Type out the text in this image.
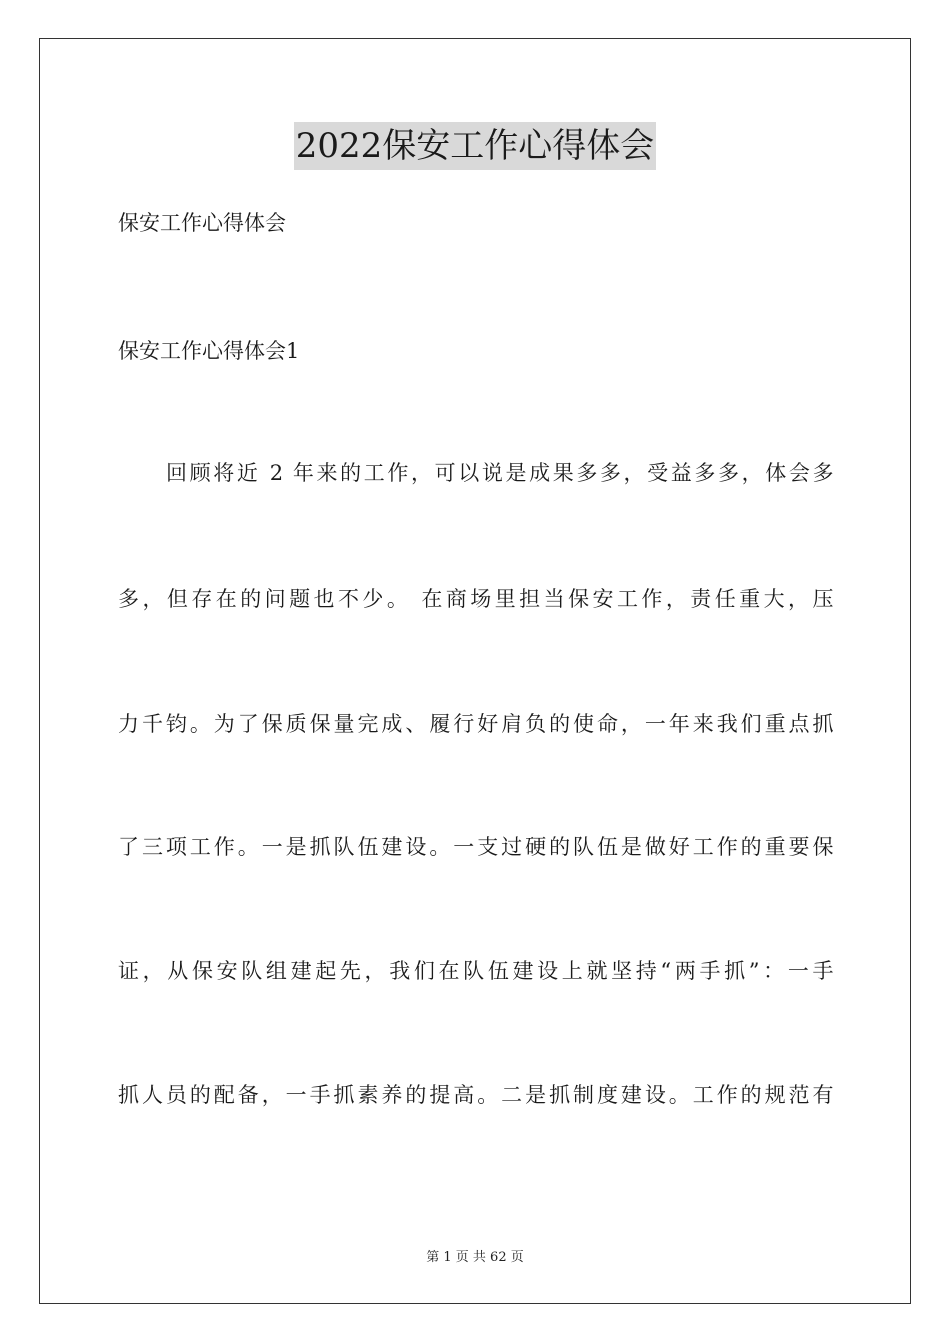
2022保安工作心得体会
保安工作心得体会
保安工作心得体会1
回顾将近 2 年来的工作，可以说是成果多多，受益多多，体会多
多，但存在的问题也不少。 在商场里担当保安工作，责任重大，压
力千钧。为了保质保量完成、履行好肩负的使命，一年来我们重点抓
了三项工作。一是抓队伍建设。一支过硬的队伍是做好工作的重要保
证，从保安队组建起先，我们在队伍建设上就坚持“两手抓”：一手
抓人员的配备，一手抓素养的提高。二是抓制度建设。工作的规范有
第 1 页 共 62 页
